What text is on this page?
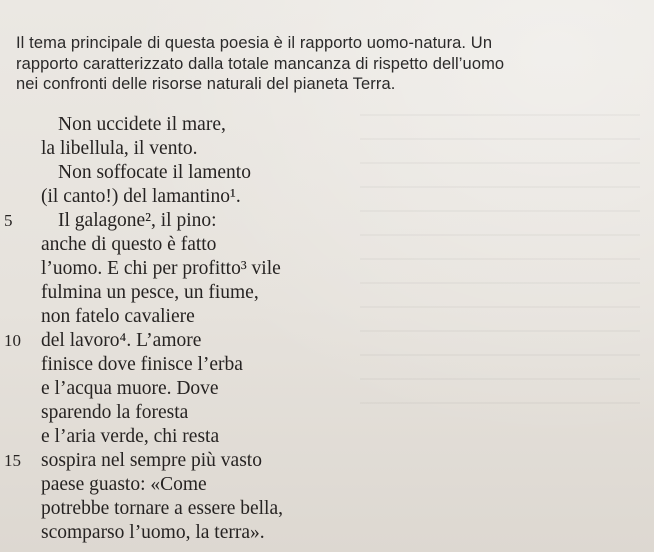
Il tema principale di questa poesia è il rapporto uomo-natura. Un
rapporto caratterizzato dalla totale mancanza di rispetto dell’uomo
nei confronti delle risorse naturali del pianeta Terra.
Non uccidete il mare,
la libellula, il vento.
Non soffocate il lamento
(il canto!) del lamantino¹.
5	Il galagone², il pino:
anche di questo è fatto
l’uomo. E chi per profitto³ vile
fulmina un pesce, un fiume,
non fatelo cavaliere
10	del lavoro⁴. L’amore
finisce dove finisce l’erba
e l’acqua muore. Dove
sparendo la foresta
e l’aria verde, chi resta
15	sospira nel sempre più vasto
paese guasto: «Come
potrebbe tornare a essere bella,
scomparso l’uomo, la terra».
